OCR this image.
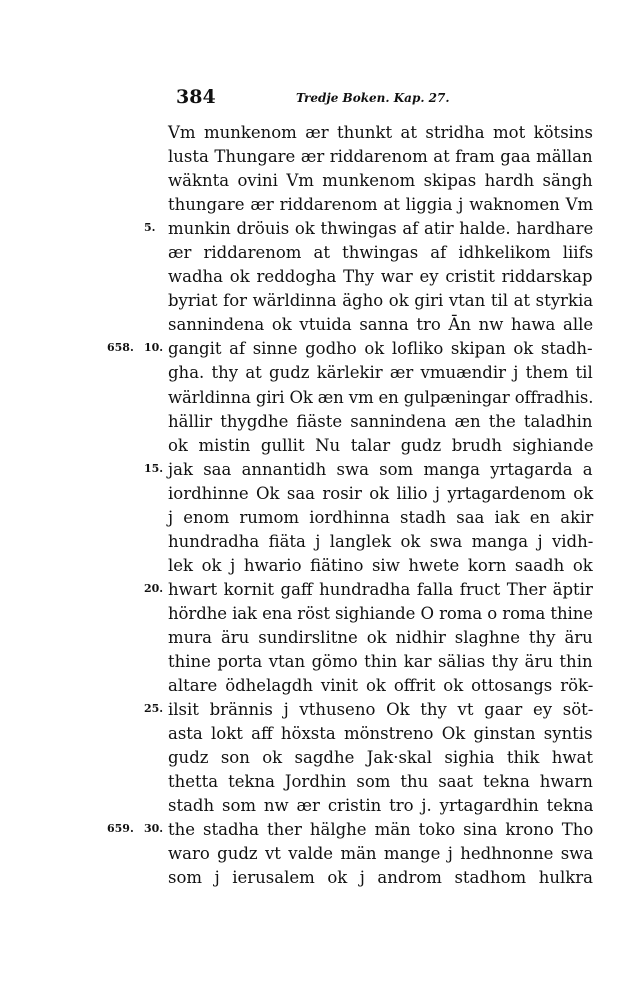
384	Tredje Boken. Kap. 27.
Vm munkenom ær thunkt at stridha mot kötsins
lusta Thungare ær riddarenom at fram gaa mällan
wäknta ovini Vm munkenom skipas hardh sängh
thungare ær riddarenom at liggia j waknomen Vm
5. munkin dröuis ok thwingas af atir halde. hardhare
ær riddarenom at thwingas af idhkelikom liifs
wadha ok reddogha Thy war ey cristit riddarskap
byriat for wärldinna ägho ok giri vtan til at styrkia
sannindena ok vtuida sanna tro Ān nw hawa alle
658. 10. gangit af sinne godho ok lofliko skipan ok stadh-
gha. thy at gudz kärlekir ær vmuændir j them til
wärldinna giri Ok æn vm en gulpæningar offradhis.
hällir thygdhe fiäste sannindena æn the taladhin
ok mistin gullit Nu talar gudz brudh sighiande
15. jak saa annantidh swa som manga yrtagarda a
iordhinne Ok saa rosir ok lilio j yrtagardenom ok
j enom rumom iordhinna stadh saa iak en akir
hundradha fiäta j langlek ok swa manga j vidh-
lek ok j hwario fiätino siw hwete korn saadh ok
20. hwart kornit gaff hundradha falla fruct Ther äptir
hördhe iak ena röst sighiande O roma o roma thine
mura äru sundirslitne ok nidhir slaghne thy äru
thine porta vtan gömo thin kar sälias thy äru thin
altare ödhelagdh vinit ok offrit ok ottosangs rök-
25. ilsit brännis j vthuseno Ok thy vt gaar ey söt-
asta lokt aff höxsta mönstreno Ok ginstan syntis
gudz son ok sagdhe Jak·skal sighia thik hwat
thetta tekna Jordhin som thu saat tekna hwarn
stadh som nw ær cristin tro j. yrtagardhin tekna
659. 30. the stadha ther hälghe män toko sina krono Tho
waro gudz vt valde män mange j hedhnonne swa
som j ierusalem ok j androm stadhom hulkra
